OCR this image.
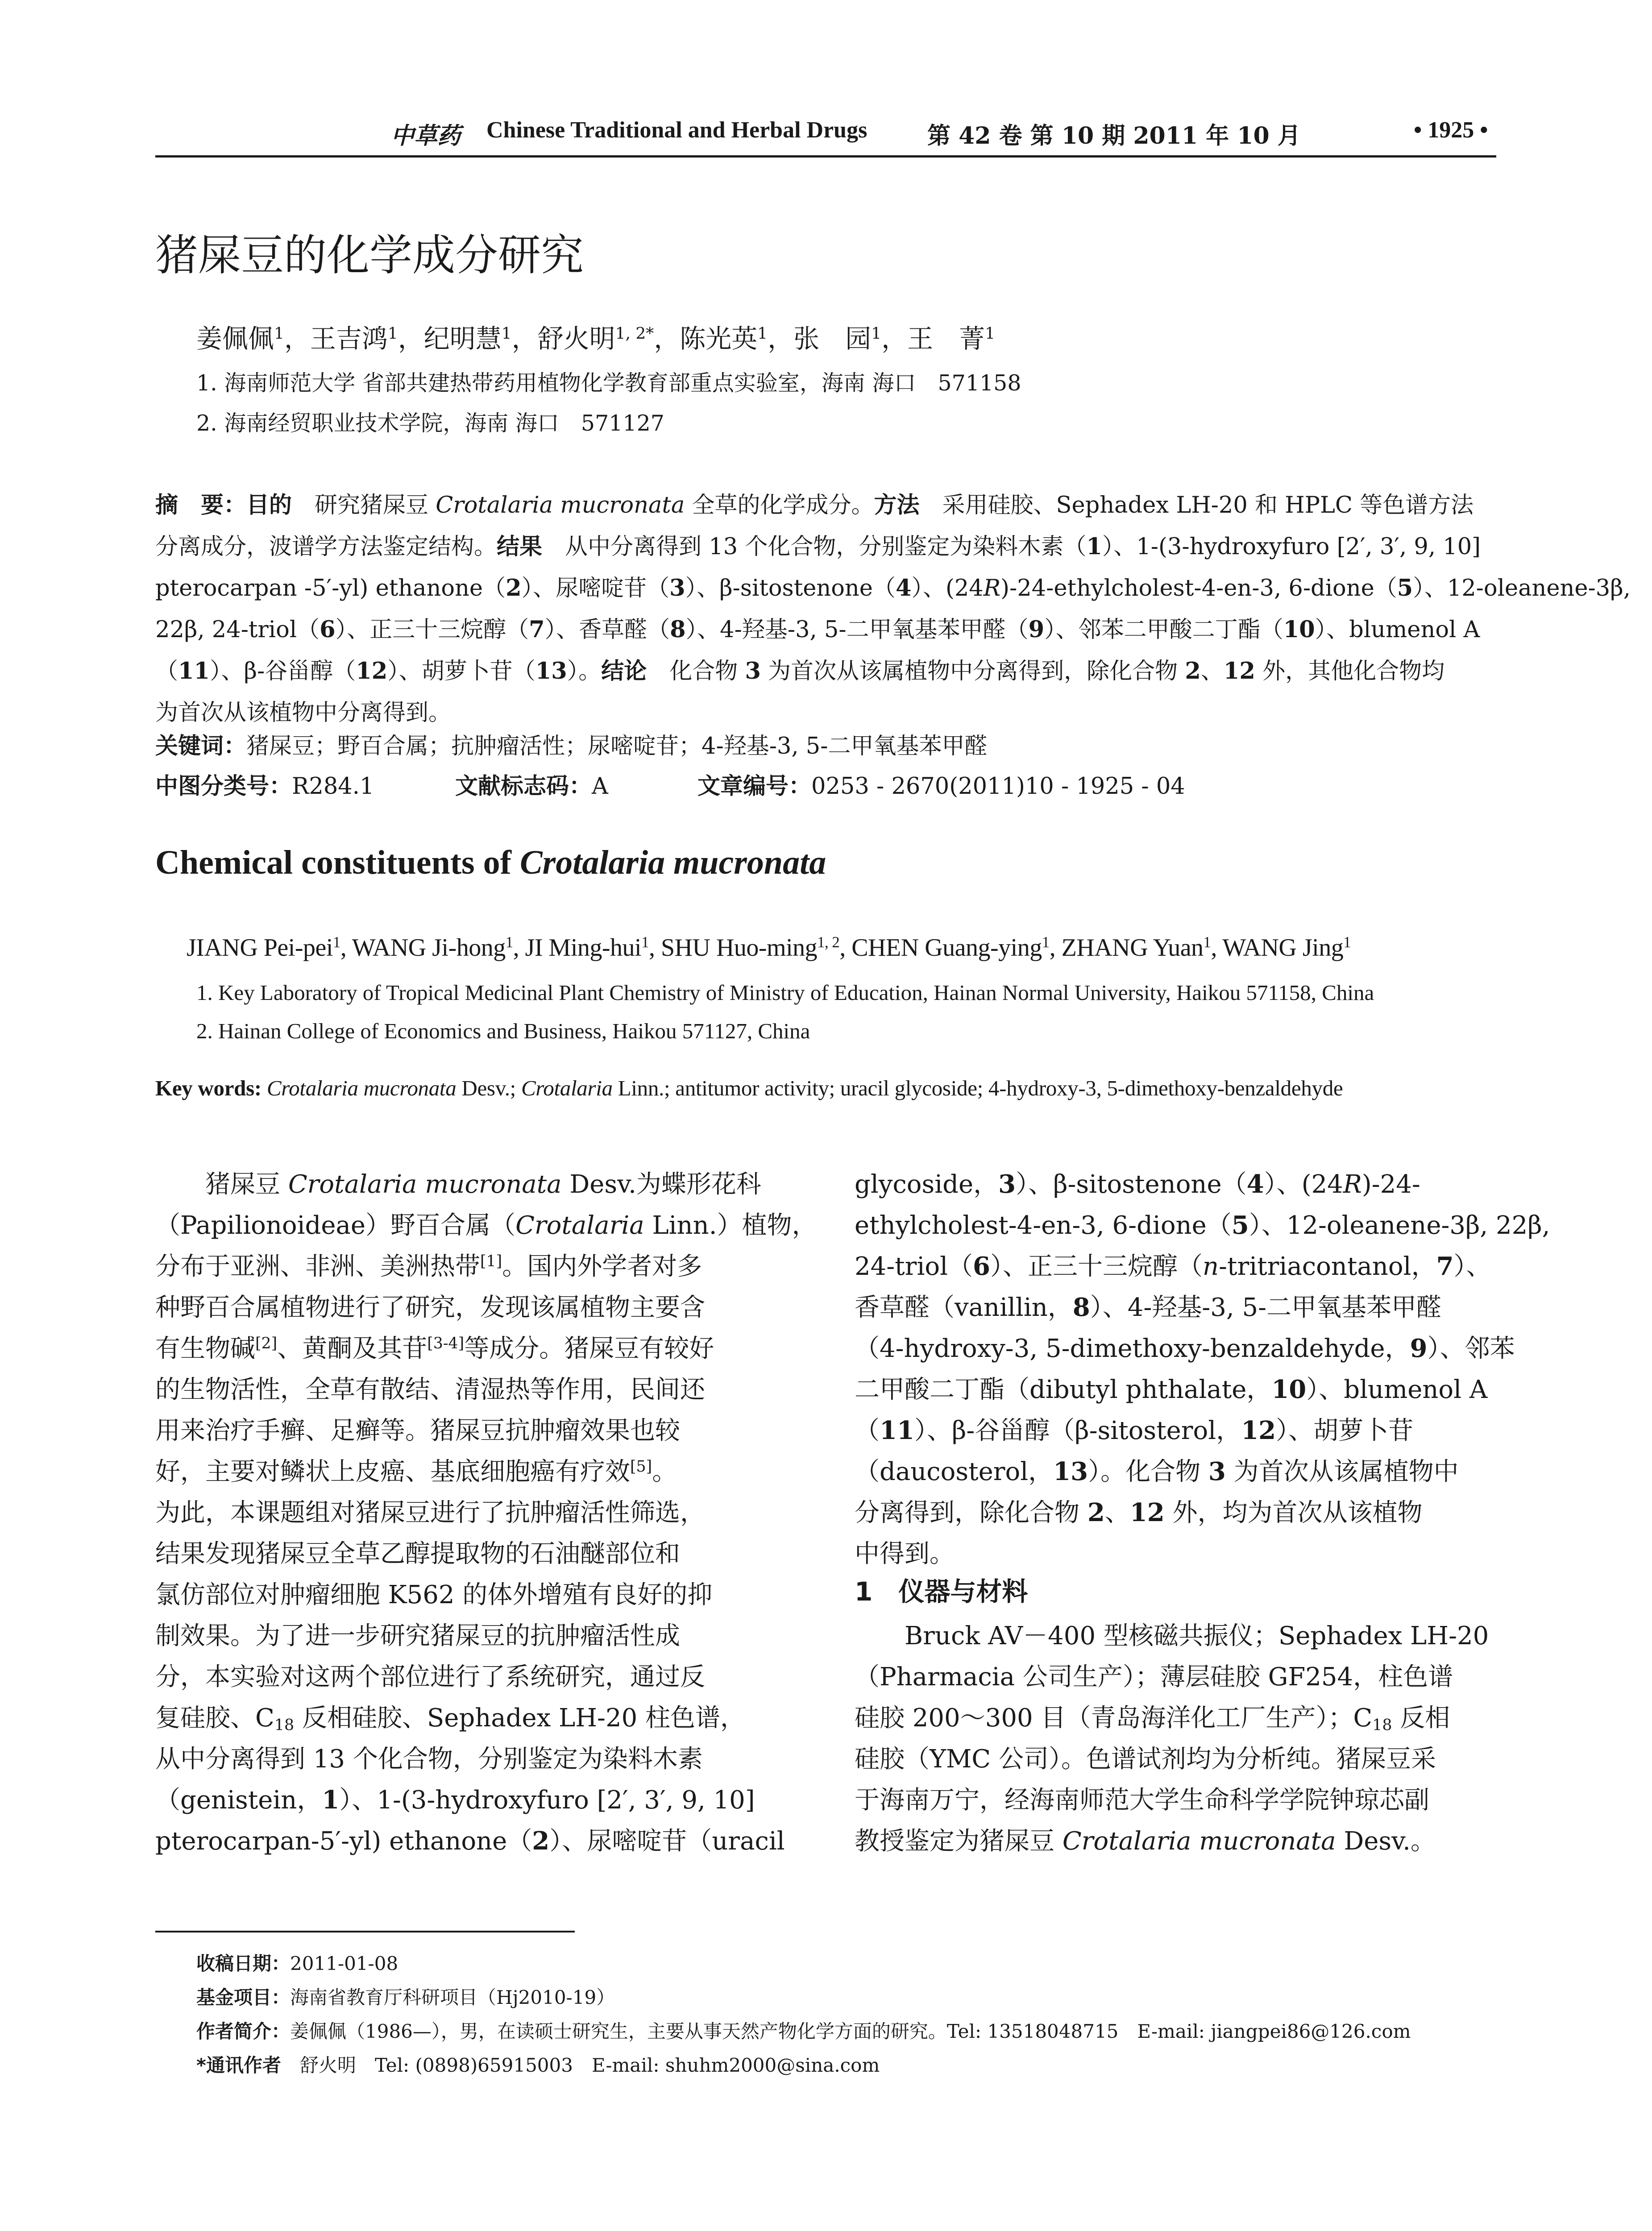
中草药 Chinese Traditional and Herbal Drugs	第 42 卷 第 10 期 2011 年 10 月	• 1925 •
猪屎豆的化学成分研究
姜佩佩$^1$，王吉鸿$^1$，纪明慧$^1$，舒火明$^{1, 2*}$，陈光英$^1$，张　园$^1$，王　菁$^1$
1. 海南师范大学 省部共建热带药用植物化学教育部重点实验室，海南 海口　571158
2. 海南经贸职业技术学院，海南 海口　571127
摘　要：目的　研究猪屎豆 Crotalaria mucronata 全草的化学成分。方法　采用硅胶、Sephadex LH-20 和 HPLC 等色谱方法
分离成分，波谱学方法鉴定结构。结果　从中分离得到 13 个化合物，分别鉴定为染料木素（1）、1-(3-hydroxyfuro [2′, 3′, 9, 10]
pterocarpan -5′-yl) ethanone（2）、尿嘧啶苷（3）、β-sitostenone（4）、(24R)-24-ethylcholest-4-en-3, 6-dione（5）、12-oleanene-3β,
22β, 24-triol（6）、正三十三烷醇（7）、香草醛（8）、4-羟基-3, 5-二甲氧基苯甲醛（9）、邻苯二甲酸二丁酯（10）、blumenol A
（11）、β-谷甾醇（12）、胡萝卜苷（13）。结论　化合物 3 为首次从该属植物中分离得到，除化合物 2、12 外，其他化合物均
为首次从该植物中分离得到。
关键词：猪屎豆；野百合属；抗肿瘤活性；尿嘧啶苷；4-羟基-3, 5-二甲氧基苯甲醛
中图分类号：R284.1	文献标志码：A	文章编号：0253 - 2670(2011)10 - 1925 - 04
Chemical constituents of Crotalaria mucronata
JIANG Pei-pei$^1$, WANG Ji-hong$^1$, JI Ming-hui$^1$, SHU Huo-ming$^{1, 2}$, CHEN Guang-ying$^1$, ZHANG Yuan$^1$, WANG Jing$^1$
1. Key Laboratory of Tropical Medicinal Plant Chemistry of Ministry of Education, Hainan Normal University, Haikou 571158, China
2. Hainan College of Economics and Business, Haikou 571127, China
Key words: Crotalaria mucronata Desv.; Crotalaria Linn.; antitumor activity; uracil glycoside; 4-hydroxy-3, 5-dimethoxy-benzaldehyde
　　猪屎豆 Crotalaria mucronata Desv.为蝶形花科
（Papilionoideae）野百合属（Crotalaria Linn.）植物，
分布于亚洲、非洲、美洲热带[1]。国内外学者对多
种野百合属植物进行了研究，发现该属植物主要含
有生物碱[2]、黄酮及其苷[3-4]等成分。猪屎豆有较好
的生物活性，全草有散结、清湿热等作用，民间还
用来治疗手癣、足癣等。猪屎豆抗肿瘤效果也较
好，主要对鳞状上皮癌、基底细胞癌有疗效[5]。
为此，本课题组对猪屎豆进行了抗肿瘤活性筛选，
结果发现猪屎豆全草乙醇提取物的石油醚部位和
氯仿部位对肿瘤细胞 K562 的体外增殖有良好的抑
制效果。为了进一步研究猪屎豆的抗肿瘤活性成
分，本实验对这两个部位进行了系统研究，通过反
复硅胶、$C_{18}$ 反相硅胶、Sephadex LH-20 柱色谱，
从中分离得到 13 个化合物，分别鉴定为染料木素
（genistein，1）、1-(3-hydroxyfuro [2′, 3′, 9, 10]
pterocarpan-5′-yl) ethanone（2）、尿嘧啶苷（uracil
glycoside，3）、β-sitostenone（4）、(24R)-24-
ethylcholest-4-en-3, 6-dione（5）、12-oleanene-3β, 22β,
24-triol（6）、正三十三烷醇（n-tritriacontanol，7）、
香草醛（vanillin，8）、4-羟基-3, 5-二甲氧基苯甲醛
（4-hydroxy-3, 5-dimethoxy-benzaldehyde，9）、邻苯
二甲酸二丁酯（dibutyl phthalate，10）、blumenol A
（11）、β-谷甾醇（β-sitosterol，12）、胡萝卜苷
（daucosterol，13）。化合物 3 为首次从该属植物中
分离得到，除化合物 2、12 外，均为首次从该植物
中得到。
1　仪器与材料
　　Bruck AV－400 型核磁共振仪；Sephadex LH-20
（Pharmacia 公司生产）；薄层硅胶 GF254，柱色谱
硅胶 200～300 目（青岛海洋化工厂生产）；$C_{18}$ 反相
硅胶（YMC 公司）。色谱试剂均为分析纯。猪屎豆采
于海南万宁，经海南师范大学生命科学学院钟琼芯副
教授鉴定为猪屎豆 Crotalaria mucronata Desv.。
收稿日期：2011-01-08
基金项目：海南省教育厅科研项目（Hj2010-19）
作者简介：姜佩佩（1986—），男，在读硕士研究生，主要从事天然产物化学方面的研究。Tel: 13518048715　E-mail: jiangpei86@126.com
*通讯作者　 舒火明　Tel: (0898)65915003　E-mail: shuhm2000@sina.com
